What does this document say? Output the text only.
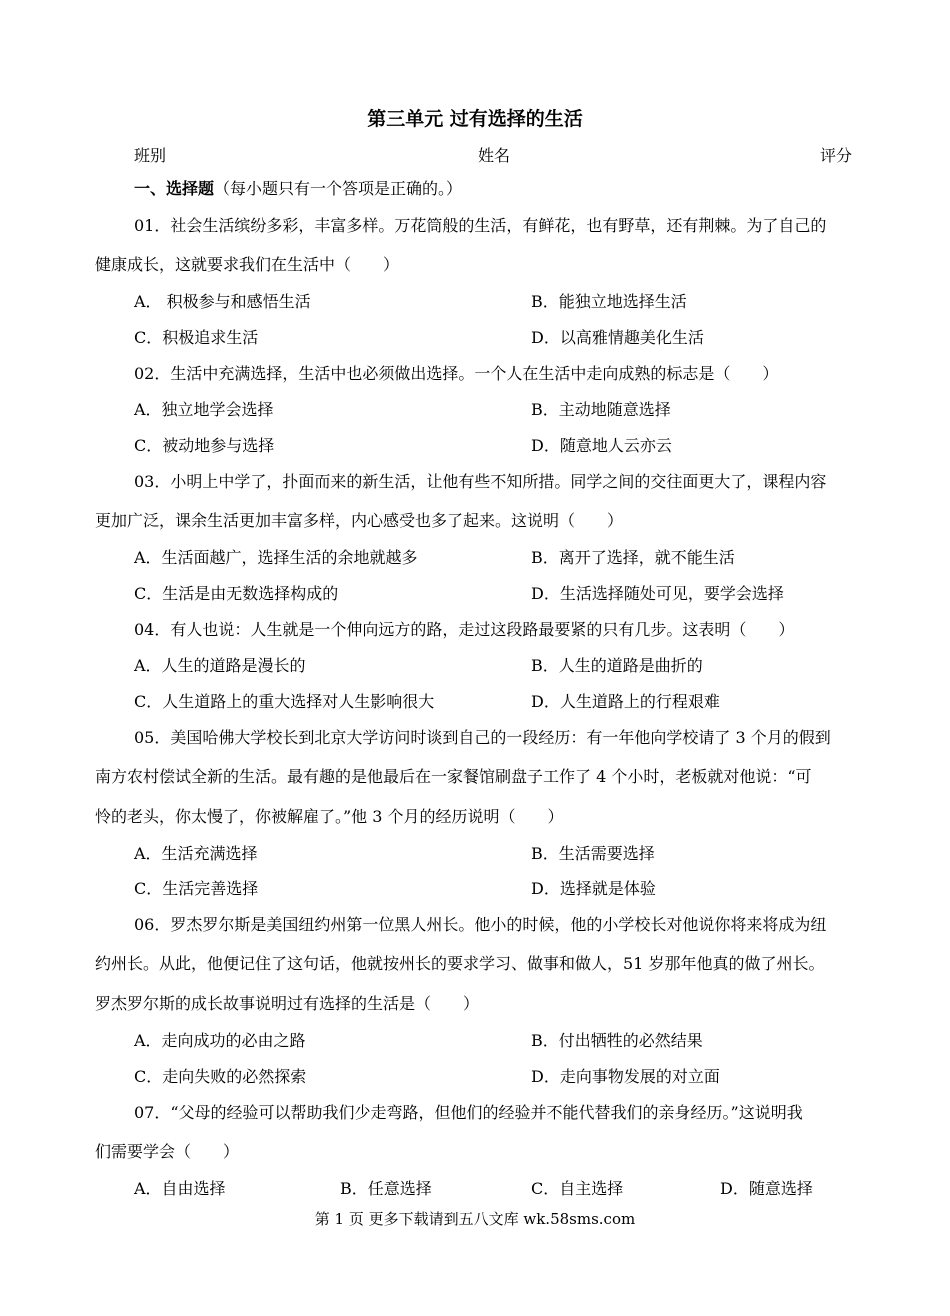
第三单元 过有选择的生活
班别	姓名	评分
一、选择题（每小题只有一个答项是正确的。）
01．社会生活缤纷多彩，丰富多样。万花筒般的生活，有鲜花，也有野草，还有荆棘。为了自己的
健康成长，这就要求我们在生活中（　　）
A． 积极参与和感悟生活	B．能独立地选择生活
C．积极追求生活	D．以高雅情趣美化生活
02．生活中充满选择，生活中也必须做出选择。一个人在生活中走向成熟的标志是（　　）
A．独立地学会选择	B．主动地随意选择
C．被动地参与选择	D．随意地人云亦云
03．小明上中学了，扑面而来的新生活，让他有些不知所措。同学之间的交往面更大了，课程内容
更加广泛，课余生活更加丰富多样，内心感受也多了起来。这说明（　　）
A．生活面越广，选择生活的余地就越多	B．离开了选择，就不能生活
C．生活是由无数选择构成的	D．生活选择随处可见，要学会选择
04．有人也说：人生就是一个伸向远方的路，走过这段路最要紧的只有几步。这表明（　　）
A．人生的道路是漫长的	B．人生的道路是曲折的
C．人生道路上的重大选择对人生影响很大	D．人生道路上的行程艰难
05．美国哈佛大学校长到北京大学访问时谈到自己的一段经历：有一年他向学校请了 3 个月的假到
南方农村偿试全新的生活。最有趣的是他最后在一家餐馆刷盘子工作了 4 个小时，老板就对他说：“可
怜的老头，你太慢了，你被解雇了。”他 3 个月的经历说明（　　）
A．生活充满选择	B．生活需要选择
C．生活完善选择	D．选择就是体验
06．罗杰罗尔斯是美国纽约州第一位黑人州长。他小的时候，他的小学校长对他说你将来将成为纽
约州长。从此，他便记住了这句话，他就按州长的要求学习、做事和做人，51 岁那年他真的做了州长。
罗杰罗尔斯的成长故事说明过有选择的生活是（　　）
A．走向成功的必由之路	B．付出牺牲的必然结果
C．走向失败的必然探索	D．走向事物发展的对立面
07．“父母的经验可以帮助我们少走弯路，但他们的经验并不能代替我们的亲身经历。”这说明我
们需要学会（　　）
A．自由选择	B．任意选择	C．自主选择	D．随意选择
第 1 页 更多下载请到五八文库 wk.58sms.com
